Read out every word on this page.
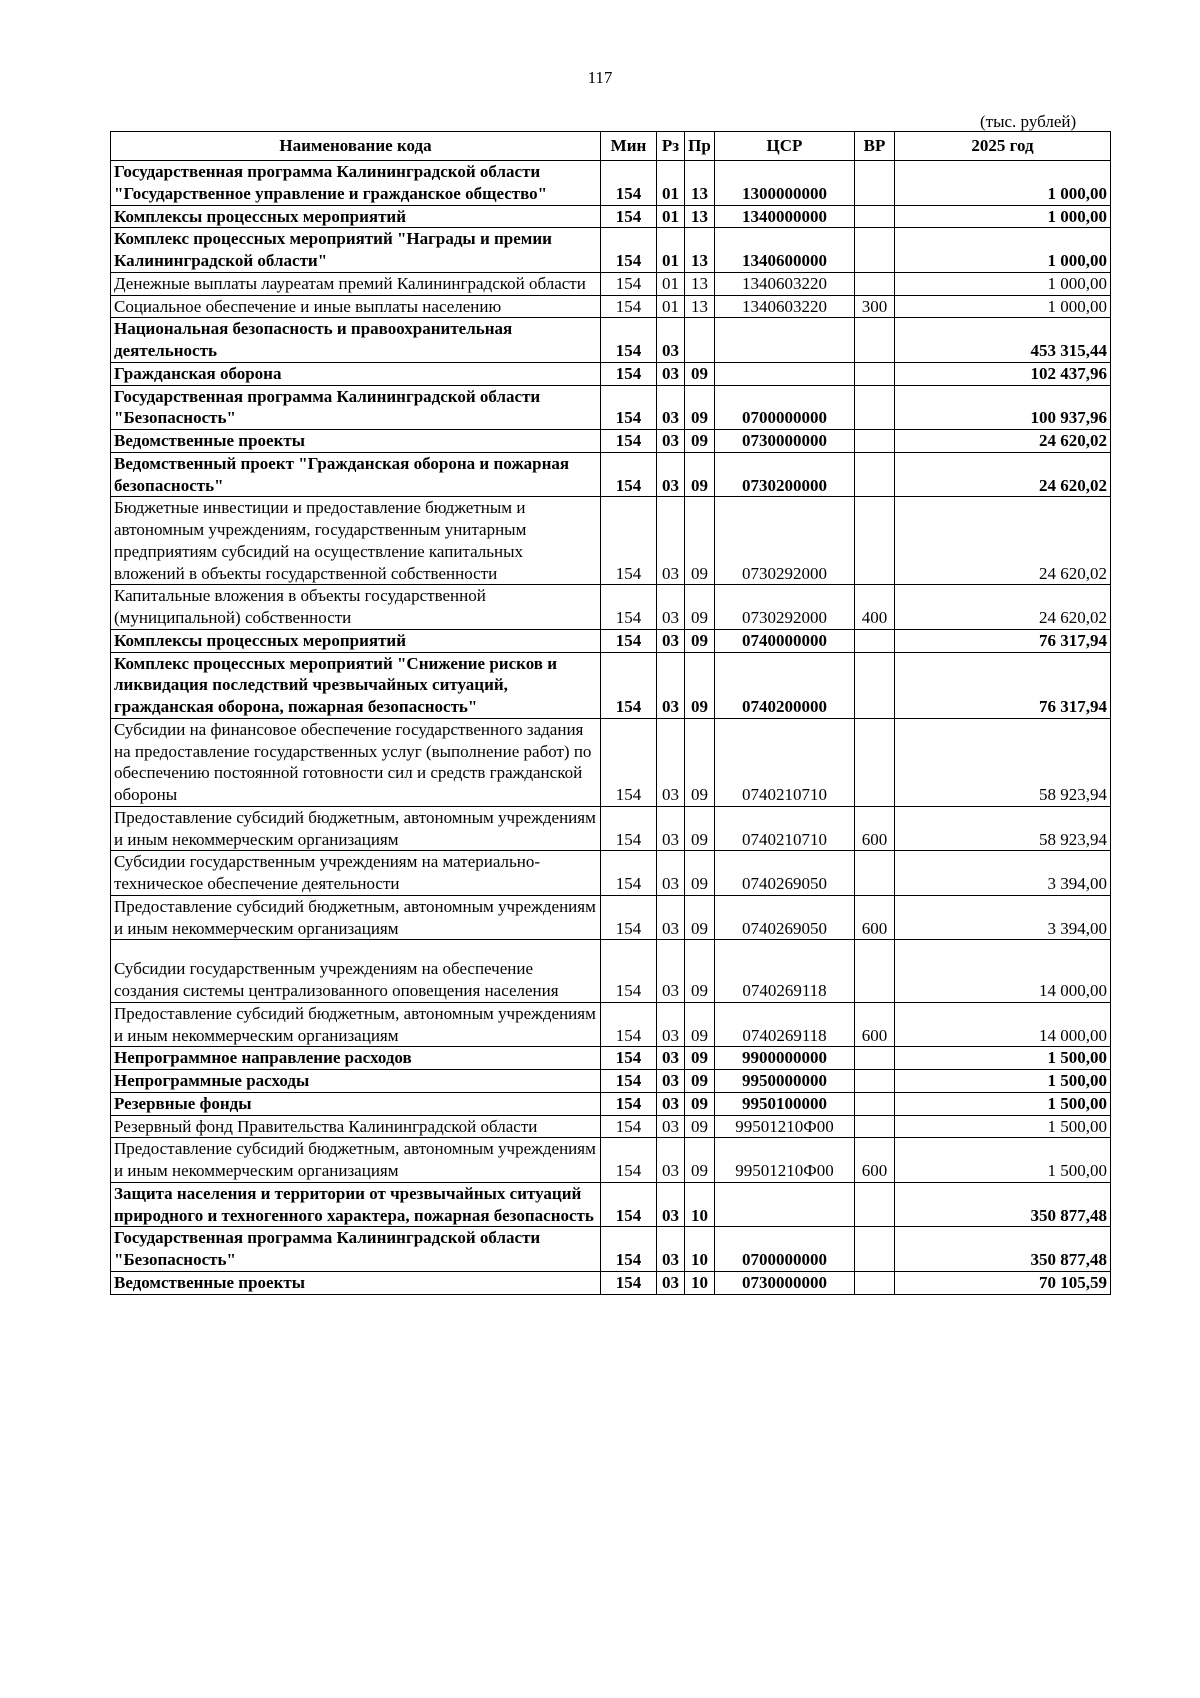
117
(тыс. рублей)
Наименование кода	Мин	Рз	Пр	ЦСР	ВР	2025 год
Государственная программа Калининградской области "Государственное управление и гражданское общество"	154	01	13	1300000000		1 000,00
Комплексы процессных мероприятий	154	01	13	1340000000		1 000,00
Комплекс процессных мероприятий "Награды и премии Калининградской области"	154	01	13	1340600000		1 000,00
Денежные выплаты лауреатам премий Калининградской области	154	01	13	1340603220		1 000,00
Социальное обеспечение и иные выплаты населению	154	01	13	1340603220	300	1 000,00
Национальная безопасность и правоохранительная деятельность	154	03				453 315,44
Гражданская оборона	154	03	09			102 437,96
Государственная программа Калининградской области "Безопасность"	154	03	09	0700000000		100 937,96
Ведомственные проекты	154	03	09	0730000000		24 620,02
Ведомственный проект "Гражданская оборона и пожарная безопасность"	154	03	09	0730200000		24 620,02
Бюджетные инвестиции и предоставление бюджетным и автономным учреждениям, государственным унитарным предприятиям субсидий на осуществление капитальных вложений в объекты государственной собственности	154	03	09	0730292000		24 620,02
Капитальные вложения в объекты государственной (муниципальной) собственности	154	03	09	0730292000	400	24 620,02
Комплексы процессных мероприятий	154	03	09	0740000000		76 317,94
Комплекс процессных мероприятий "Снижение рисков и ликвидация последствий чрезвычайных ситуаций, гражданская оборона, пожарная безопасность"	154	03	09	0740200000		76 317,94
Субсидии на финансовое обеспечение государственного задания на предоставление государственных услуг (выполнение работ) по обеспечению постоянной готовности сил и средств гражданской обороны	154	03	09	0740210710		58 923,94
Предоставление субсидий бюджетным, автономным учреждениям и иным некоммерческим организациям	154	03	09	0740210710	600	58 923,94
Субсидии государственным учреждениям на материально-техническое обеспечение деятельности	154	03	09	0740269050		3 394,00
Предоставление субсидий бюджетным, автономным учреждениям и иным некоммерческим организациям	154	03	09	0740269050	600	3 394,00

Субсидии государственным учреждениям на обеспечение создания системы централизованного оповещения населения	154	03	09	0740269118		14 000,00
Предоставление субсидий бюджетным, автономным учреждениям и иным некоммерческим организациям	154	03	09	0740269118	600	14 000,00
Непрограммное направление расходов	154	03	09	9900000000		1 500,00
Непрограммные расходы	154	03	09	9950000000		1 500,00
Резервные фонды	154	03	09	9950100000		1 500,00
Резервный фонд Правительства Калининградской области	154	03	09	99501210Ф00		1 500,00
Предоставление субсидий бюджетным, автономным учреждениям и иным некоммерческим организациям	154	03	09	99501210Ф00	600	1 500,00
Защита населения и территории от чрезвычайных ситуаций природного и техногенного характера, пожарная безопасность	154	03	10			350 877,48
Государственная программа Калининградской области "Безопасность"	154	03	10	0700000000		350 877,48
Ведомственные проекты	154	03	10	0730000000		70 105,59
